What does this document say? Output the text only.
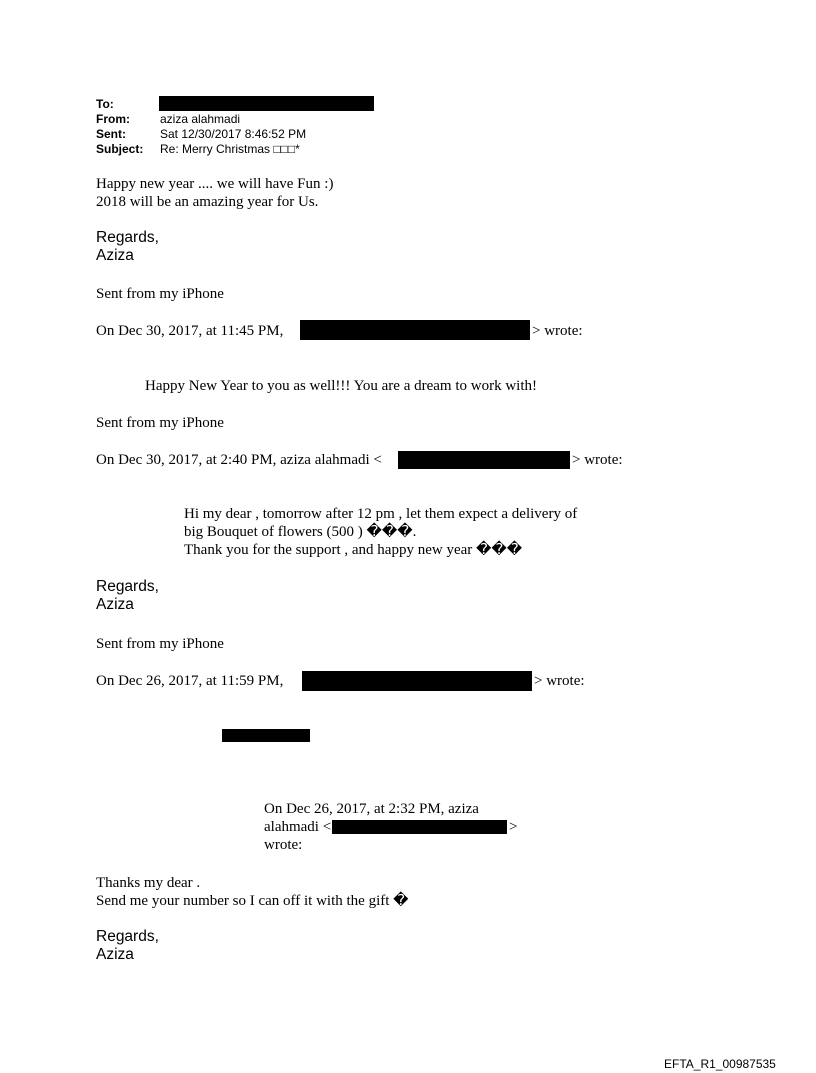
To:
From:	aziza alahmadi
Sent:	Sat 12/30/2017 8:46:52 PM
Subject: Re: Merry Christmas □□□*
Happy new year .... we will have Fun :)
2018 will be an amazing year for Us.
Regards,
Aziza
Sent from my iPhone
On Dec 30, 2017, at 11:45 PM,	> wrote:
Happy New Year to you as well!!! You are a dream to work with!
Sent from my iPhone
On Dec 30, 2017, at 2:40 PM, aziza alahmadi <	> wrote:
Hi my dear , tomorrow after 12 pm , let them expect a delivery of
big Bouquet of flowers (500 ) ���.
Thank you for the support , and happy new year ���
Regards,
Aziza
Sent from my iPhone
On Dec 26, 2017, at 11:59 PM,	> wrote:
On Dec 26, 2017, at 2:32 PM, aziza
alahmadi <	>
wrote:
Thanks my dear .
Send me your number so I can off it with the gift �
Regards,
Aziza
EFTA_R1_00987535
